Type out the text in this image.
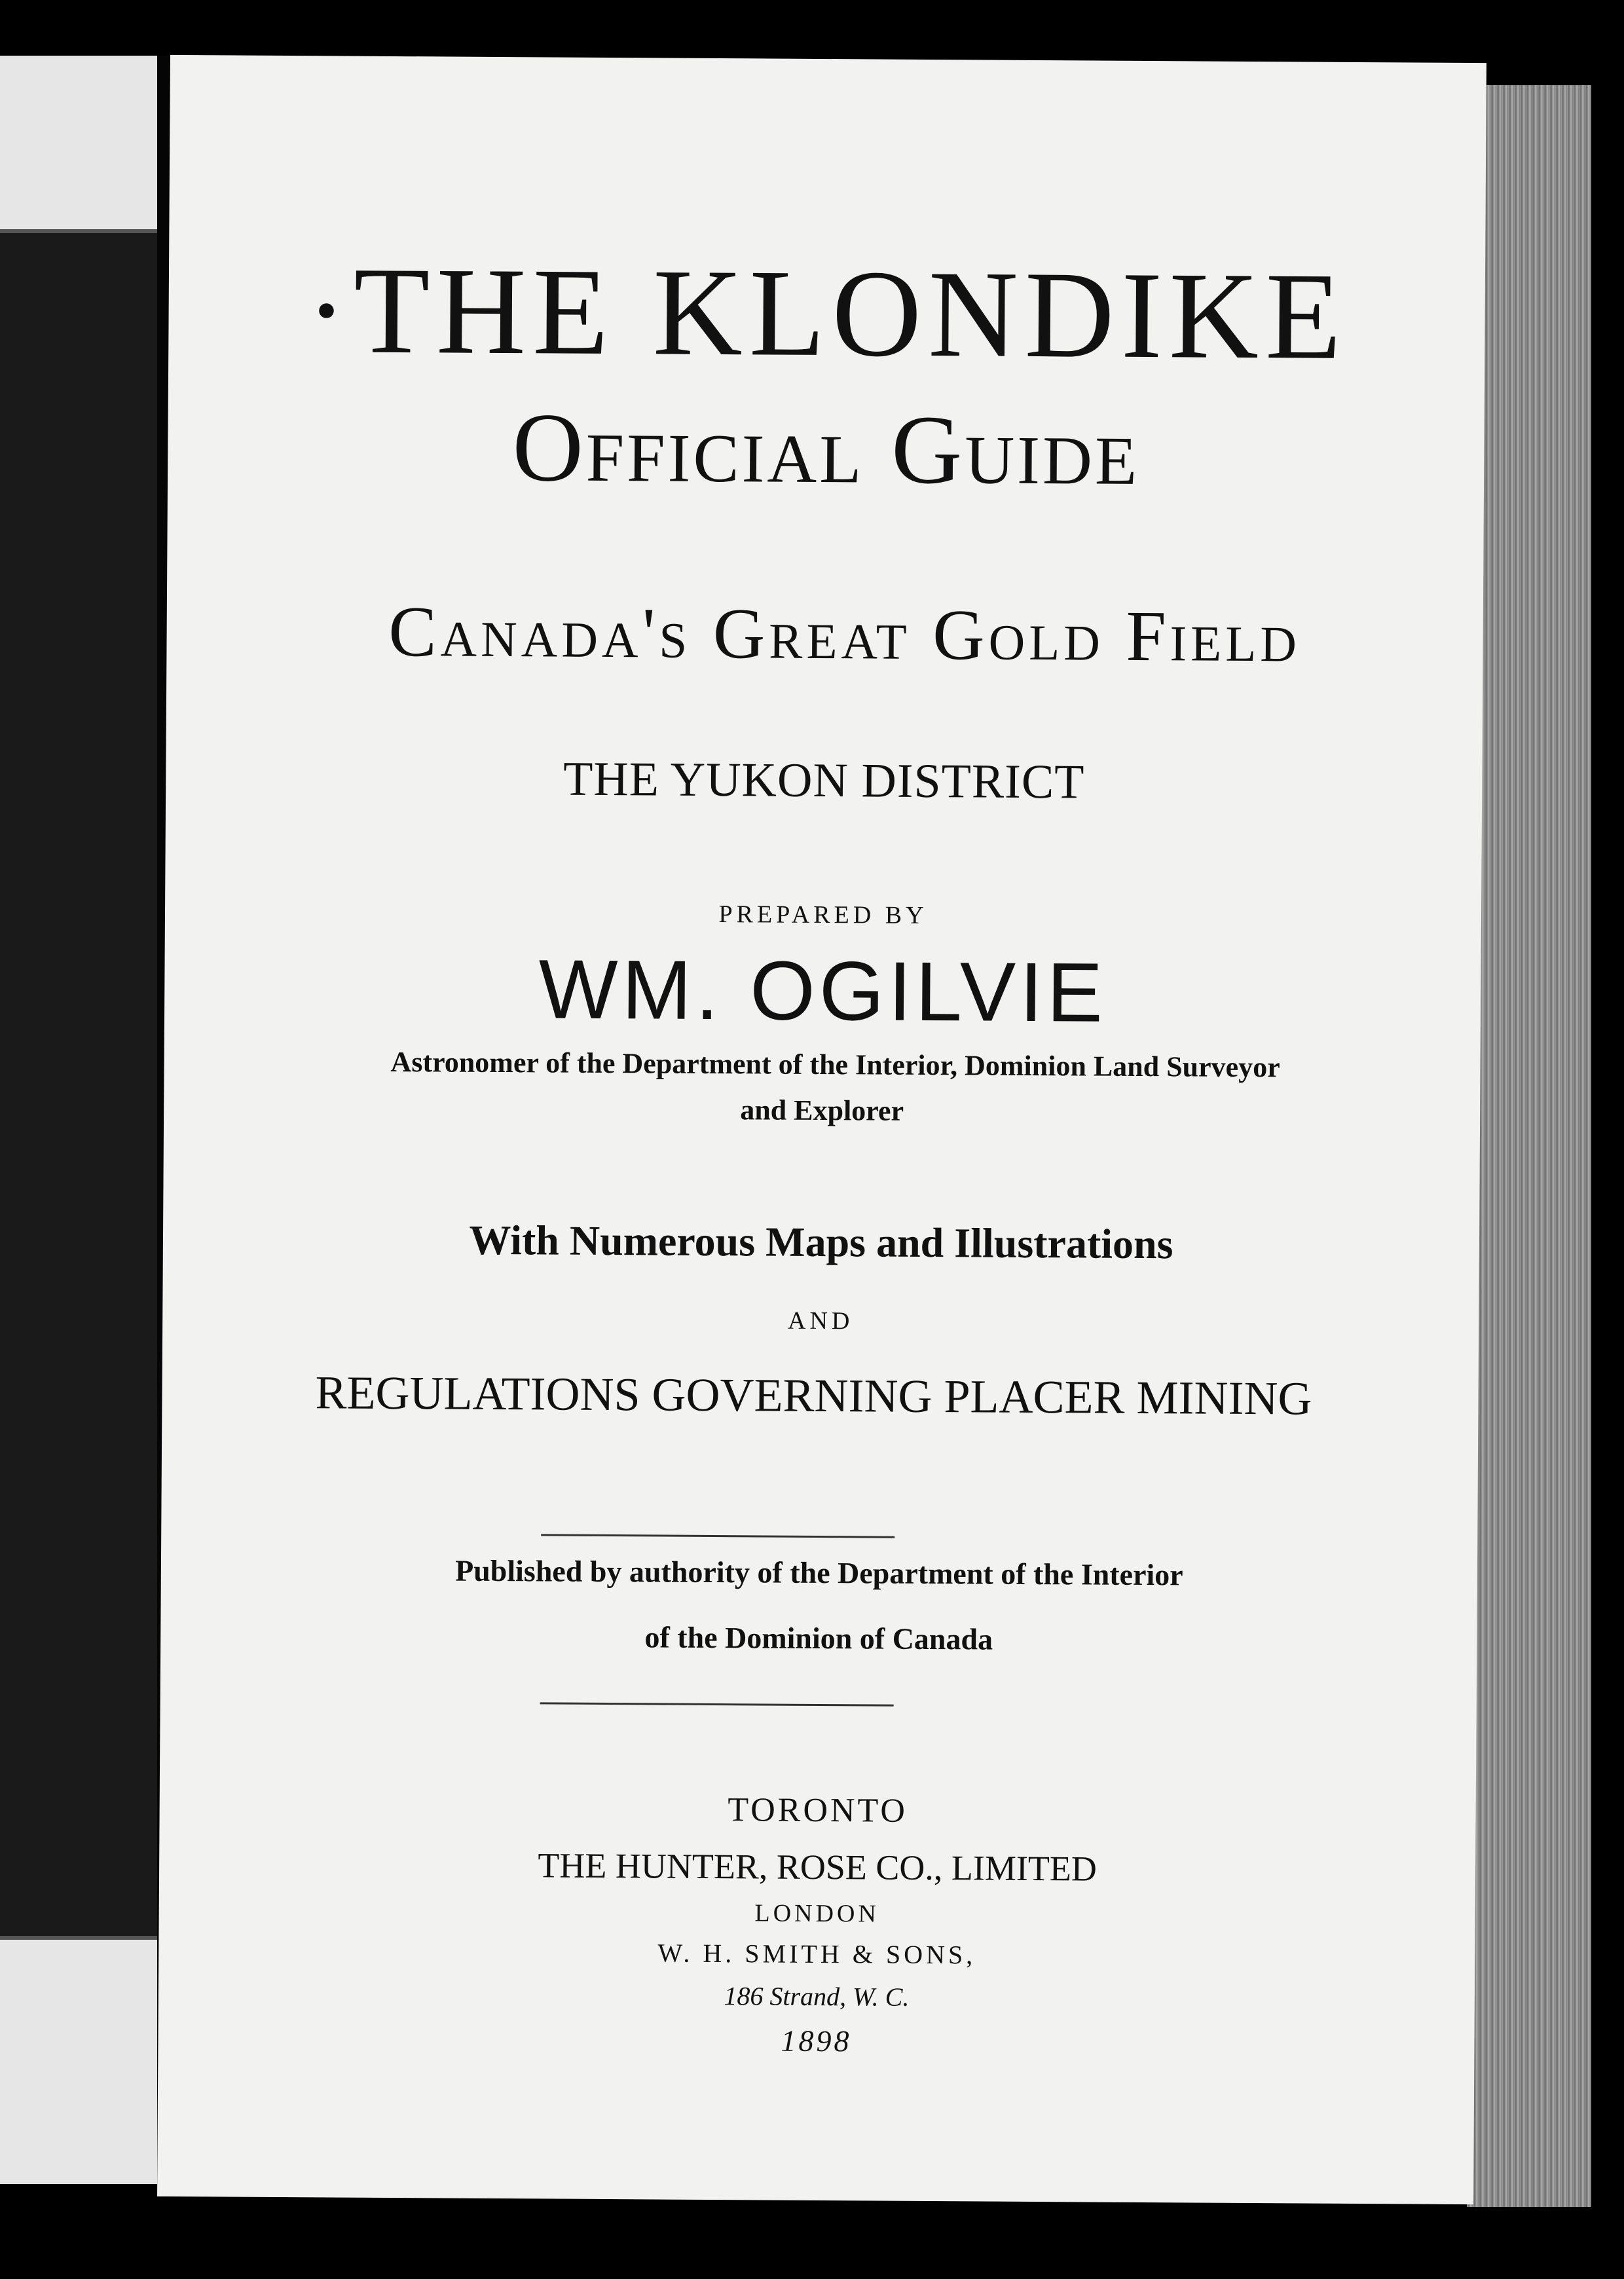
·THE KLONDIKE
Official Guide
Canada's Great Gold Field
THE YUKON DISTRICT
PREPARED BY
WM. OGILVIE
Astronomer of the Department of the Interior, Dominion Land Surveyor
and Explorer
With Numerous Maps and Illustrations
AND
REGULATIONS GOVERNING PLACER MINING
Published by authority of the Department of the Interior
of the Dominion of Canada
TORONTO
THE HUNTER, ROSE CO., LIMITED
LONDON
W. H. SMITH & SONS,
186 Strand, W. C.
1898
